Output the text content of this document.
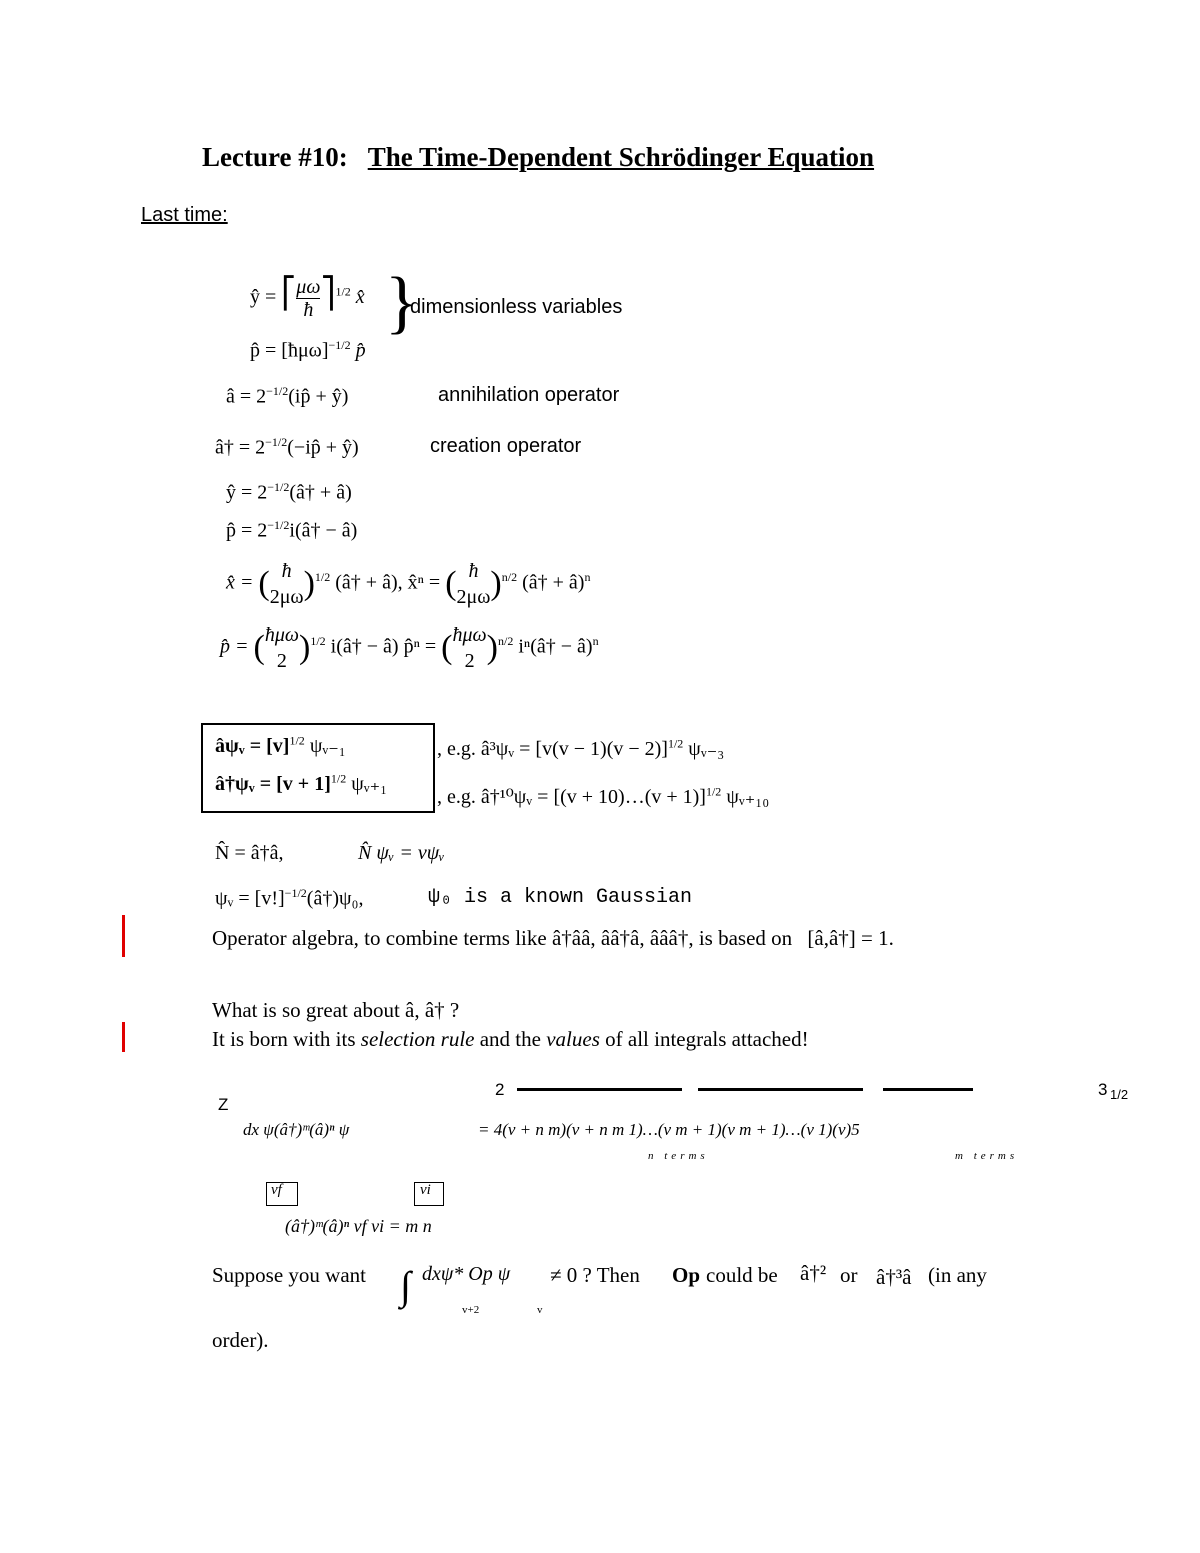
Lecture #10: The Time-Dependent Schrödinger Equation
Last time:
ŷ = ⎡ $\frac{\mu\omega}{ħ}$ ⎤$^{1/2}$ x̂ }
dimensionless variables
p̂ = [ħμω]$^{-1/2}$ p̂
â = $2^{-1/2}(ip̂$ + ŷ)	annihilation operator
â† = $2^{-1/2}(-ip̂$ + ŷ)	creation operator
ŷ = $2^{-1/2}(â\dagger$ + â)
p̂ = $2^{-1/2}i(â\dagger$ − â)
x̂ = ( ħ
2μω )$^{1/2}$ (â† + â), x̂ⁿ = ( ħ
2μω )$^{n/2}$ (â† + â)$^n$
p̂ = ( ħμω
2 )$^{1/2}$ i(â† − â) p̂ⁿ = ( ħμω
2 )$^{n/2}$ iⁿ(â† − â)$^n$
âψᵥ = $[v]^{1/2}$ ψᵥ₋₁
â†ψᵥ = $[v + 1]^{1/2}$ ψᵥ₊₁
, e.g. â³ψᵥ = $[v(v - 1)(v - 2)]^{1/2}$ ψᵥ₋₃
, e.g. â†¹⁰ψᵥ = [(v + 10)…(v + 1)]$^{1/2}$ ψᵥ₊₁₀
N̂ = â†â,	N̂ ψᵥ = vψᵥ
ψᵥ = $[v!]^{-1/2}(â\dagger)\psi_0$,	ψ₀ is a known Gaussian
Operator algebra, to combine terms like â†ââ, ââ†â, âââ†, is based on [â,â†] = 1.
What is so great about â, â† ?
It is born with its selection rule and the values of all integrals attached!
Z
2	3 1/2
dx ψ(â†)ᵐ(â)ⁿ ψ	= 4(v + n m)(v + n m 1)…(v m + 1)(v m + 1)…(v 1)(v)5
n terms	m terms
vf	vi
(â†)ᵐ(â)ⁿ vf vi = m n
Suppose you want ∫ dxψ* Op ψ
v+2	v
≠ 0 ? Then Op could be â†² or â†³â (in any
order).
